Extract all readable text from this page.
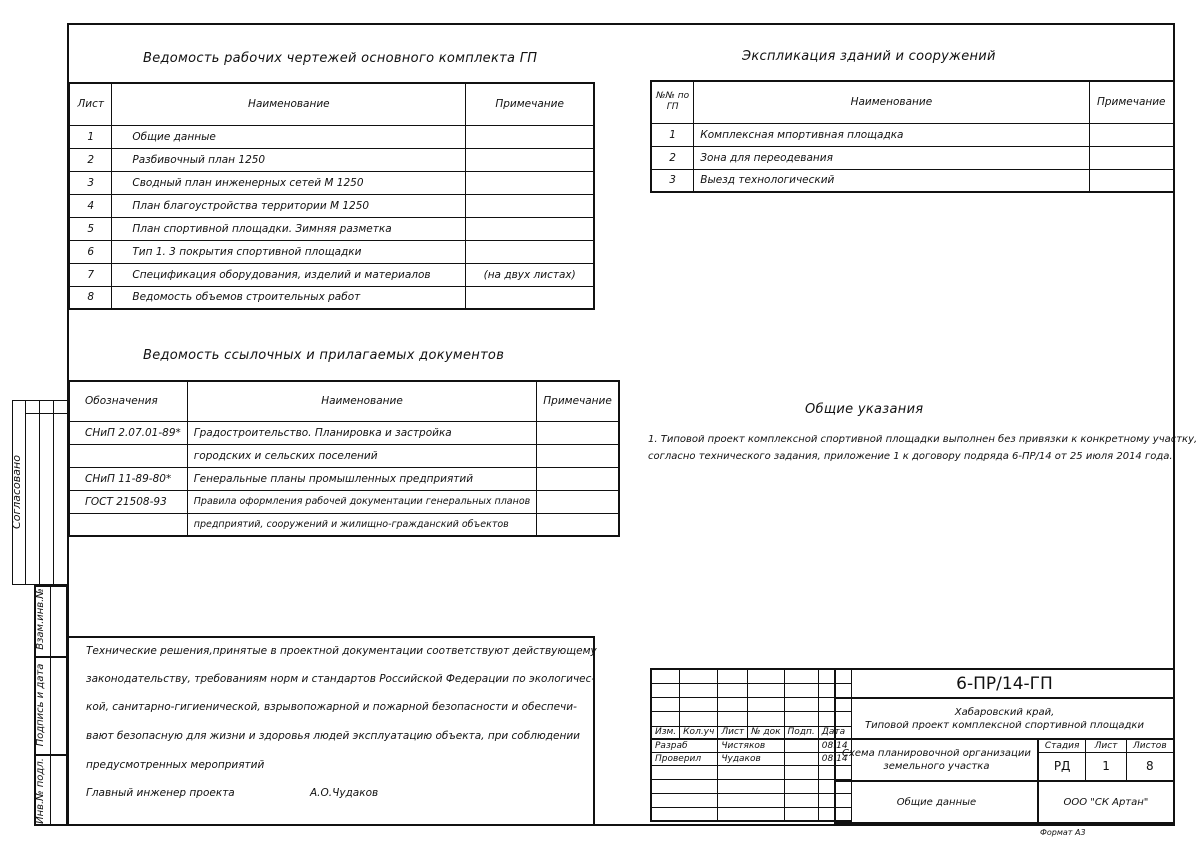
Согласовано
Взам.инв.№
Подпись и дата
Инв.№ подл.
Ведомость рабочих чертежей основного комплекта ГП
Лист	Наименование	Примечание
1	Общие данные	
2	Разбивочный план 1250	
3	Сводный план инженерных сетей М 1250	
4	План благоустройства территории М 1250	
5	План спортивной площадки. Зимняя разметка	
6	Тип 1. 3 покрытия спортивной площадки	
7	Спецификация оборудования, изделий и материалов	(на двух листах)
8	Ведомость объемов строительных работ	
Ведомость ссылочных и прилагаемых документов
Обозначения	Наименование	Примечание
СНиП 2.07.01-89*	Градостроительство. Планировка и застройка	
	городских и сельских поселений	
СНиП 11-89-80*	Генеральные планы промышленных предприятий	
ГОСТ 21508-93	Правила оформления рабочей документации генеральных планов	
	предприятий, сооружений и жилищно-гражданский объектов	
Экспликация зданий и сооружений
№№ по ГП	Наименование	Примечание
1	Комплексная мпортивная площадка	
2	Зона для переодевания	
3	Выезд технологический	
Общие указания
1. Типовой проект комплексной спортивной площадки выполнен без привязки к конкретному участку,
согласно технического задания, приложение 1 к договору подряда 6-ПР/14 от 25 июля 2014 года.
Технические решения,принятые в проектной документации соответствуют действующему
законодательству, требованиям норм и стандартов Российской Федерации по экологичес-
кой, санитарно-гигиенической, взрывопожарной и пожарной безопасности и обеспечи-
вают безопасную для жизни и здоровья людей эксплуатацию объекта, при соблюдении
предусмотренных мероприятий
Главный инженер проекта	А.О.Чудаков

Изм.	Кол.уч	Лист	№ док	Подп.	Дата
Разраб		Чистяков			08.14
Проверил		Чудаков			08.14

6-ПР/14-ГП			

Хабаровский край,
Типовой проект комплексной спортивной площадки			

Схема планировочной организации
земельного участка	Стадия	Лист	Листов
	РД	1	8
Общие данные	ООО "СК Артан"		
Формат А3
